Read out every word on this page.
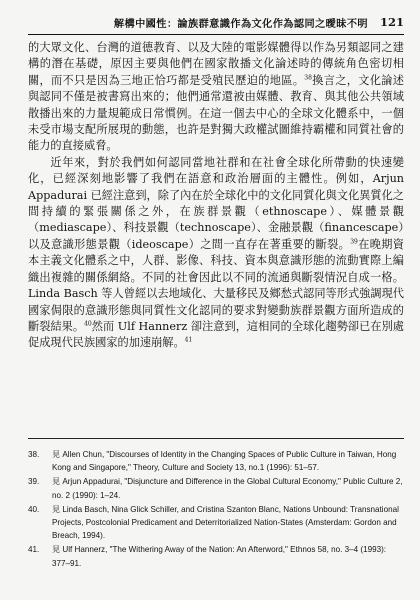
解構中國性：論族群意識作為文化作為認同之曖昧不明 121

的大眾文化、台灣的道德教育、以及大陸的電影媒體得以作為另類認同之建構的潛在基礎，原因主要與他們在國家散播文化論述時的傳統角色密切相關，而不只是因為三地正恰巧都是受殖民歷迫的地區。$^{38}$換言之，文化論述與認同不僅是被書寫出來的；他們通常還被由媒體、教育、與其他公共領域散播出來的力量規範成日常慣例。在這一個去中心的全球文化體系中，一個未受市場支配所展現的動態，也許是對獨大政權試圖維持霸權和同質社會的能力的直接威脅。

近年來，對於我們如何認同當地社群和在社會全球化所帶動的快速變化，已經深刻地影響了我們在語意和政治層面的主體性。例如，Arjun Appadurai 已經注意到，除了內在於全球化中的文化同質化與文化異質化之間持續的緊張關係之外，在族群景觀（ethnoscape）、媒體景觀（mediascape）、科技景觀（technoscape）、金融景觀（financescape）以及意識形態景觀（ideoscape）之間一直存在著重要的斷裂。$^{39}$在晚期資本主義文化體系之中，人群、影像、科技、資本與意識形態的流動實際上編織出複雜的關係網絡。不同的社會因此以不同的流通與斷裂情況自成一格。Linda Basch 等人曾經以去地域化、大量移民及鄉愁式認同等形式強調現代國家侷限的意識形態與同質性文化認同的要求對變動族群景觀方面所造成的斷裂結果。$^{40}$然而 Ulf Hannerz 卻注意到，這相同的全球化趨勢卻已在別處促成現代民族國家的加速崩解。$^{41}$

38.	見 Allen Chun, "Discourses of Identity in the Changing Spaces of Public Culture in Taiwan, Hong Kong and Singapore," Theory, Culture and Society 13, no.1 (1996): 51–57.
39.	見 Arjun Appadurai, "Disjuncture and Difference in the Global Cultural Economy," Public Culture 2, no. 2 (1990): 1–24.
40.	見 Linda Basch, Nina Glick Schiller, and Cristina Szanton Blanc, Nations Unbound: Transnational Projects, Postcolonial Predicament and Deterritorialized Nation-States (Amsterdam: Gordon and Breach, 1994).
41.	見 Ulf Hannerz, "The Withering Away of the Nation: An Afterword," Ethnos 58, no. 3–4 (1993): 377–91.
